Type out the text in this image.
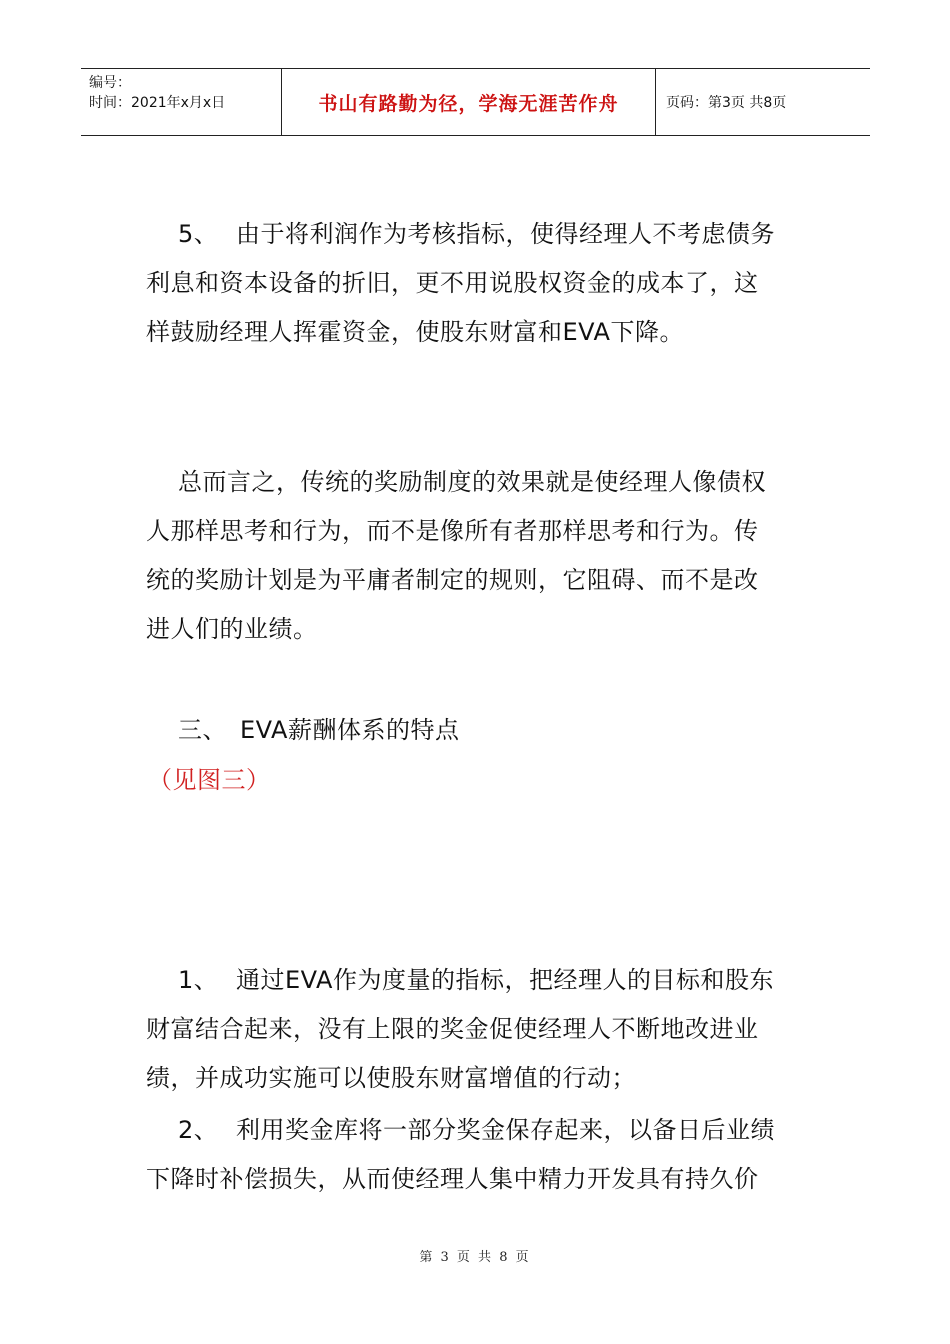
编号：
时间：2021年x月x日	书山有路勤为径，学海无涯苦作舟	页码：第3页 共8页
5、 由于将利润作为考核指标，使得经理人不考虑债务
利息和资本设备的折旧，更不用说股权资金的成本了，这
样鼓励经理人挥霍资金，使股东财富和EVA下降。
总而言之，传统的奖励制度的效果就是使经理人像债权
人那样思考和行为，而不是像所有者那样思考和行为。传
统的奖励计划是为平庸者制定的规则，它阻碍、而不是改
进人们的业绩。
三、 EVA薪酬体系的特点
（见图三）
1、 通过EVA作为度量的指标，把经理人的目标和股东
财富结合起来，没有上限的奖金促使经理人不断地改进业
绩，并成功实施可以使股东财富增值的行动；
2、 利用奖金库将一部分奖金保存起来，以备日后业绩
下降时补偿损失，从而使经理人集中精力开发具有持久价
第 3 页 共 8 页
